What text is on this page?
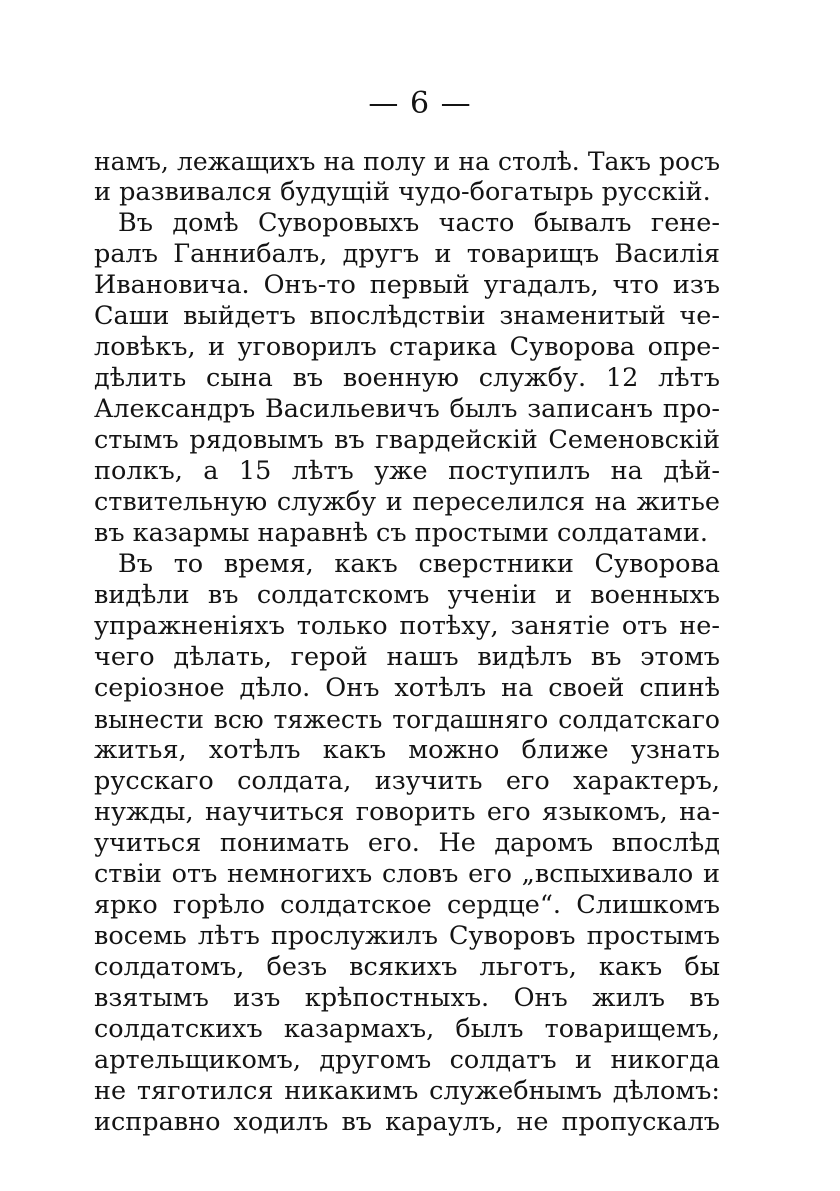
— 6 —
намъ, лежащихъ на полу и на столѣ. Такъ росъ
и развивался будущій чудо-богатырь русскій.
Въ домѣ Суворовыхъ часто бывалъ гене-
ралъ Ганнибалъ, другъ и товарищъ Василія
Ивановича. Онъ-то первый угадалъ, что изъ
Саши выйдетъ впослѣдствіи знаменитый че-
ловѣкъ, и уговорилъ старика Суворова опре-
дѣлить сына въ военную службу. 12 лѣтъ
Александръ Васильевичъ былъ записанъ про-
стымъ рядовымъ въ гвардейскій Семеновскій
полкъ, а 15 лѣтъ уже поступилъ на дѣй-
ствительную службу и переселился на житье
въ казармы наравнѣ съ простыми солдатами.
Въ то время, какъ сверстники Суворова
видѣли въ солдатскомъ ученіи и военныхъ
упражненіяхъ только потѣху, занятіе отъ не-
чего дѣлать, герой нашъ видѣлъ въ этомъ
серіозное дѣло. Онъ хотѣлъ на своей спинѣ
вынести всю тяжесть тогдашняго солдатскаго
житья, хотѣлъ какъ можно ближе узнать
русскаго солдата, изучить его характеръ,
нужды, научиться говорить его языкомъ, на-
учиться понимать его. Не даромъ впослѣд
ствіи отъ немногихъ словъ его „вспыхивало и
ярко горѣло солдатское сердце“. Слишкомъ
восемь лѣтъ прослужилъ Суворовъ простымъ
солдатомъ, безъ всякихъ льготъ, какъ бы
взятымъ изъ крѣпостныхъ. Онъ жилъ въ
солдатскихъ казармахъ, былъ товарищемъ,
артельщикомъ, другомъ солдатъ и никогда
не тяготился никакимъ служебнымъ дѣломъ:
исправно ходилъ въ караулъ, не пропускалъ
